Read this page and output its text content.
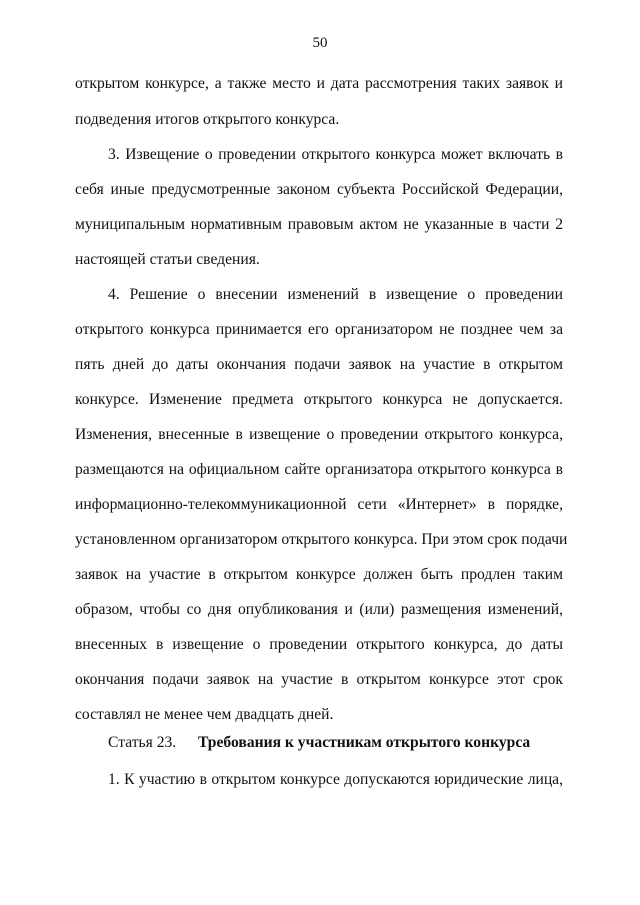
50
открытом конкурсе, а также место и дата рассмотрения таких заявок и
подведения итогов открытого конкурса.
3. Извещение о проведении открытого конкурса может включать в
себя иные предусмотренные законом субъекта Российской Федерации,
муниципальным нормативным правовым актом не указанные в части 2
настоящей статьи сведения.
4. Решение о внесении изменений в извещение о проведении
открытого конкурса принимается его организатором не позднее чем за
пять дней до даты окончания подачи заявок на участие в открытом
конкурсе. Изменение предмета открытого конкурса не допускается.
Изменения, внесенные в извещение о проведении открытого конкурса,
размещаются на официальном сайте организатора открытого конкурса в
информационно-телекоммуникационной сети «Интернет» в порядке,
установленном организатором открытого конкурса. При этом срок подачи
заявок на участие в открытом конкурсе должен быть продлен таким
образом, чтобы со дня опубликования и (или) размещения изменений,
внесенных в извещение о проведении открытого конкурса, до даты
окончания подачи заявок на участие в открытом конкурсе этот срок
составлял не менее чем двадцать дней.
Статья 23. Требования к участникам открытого конкурса
1. К участию в открытом конкурсе допускаются юридические лица,
